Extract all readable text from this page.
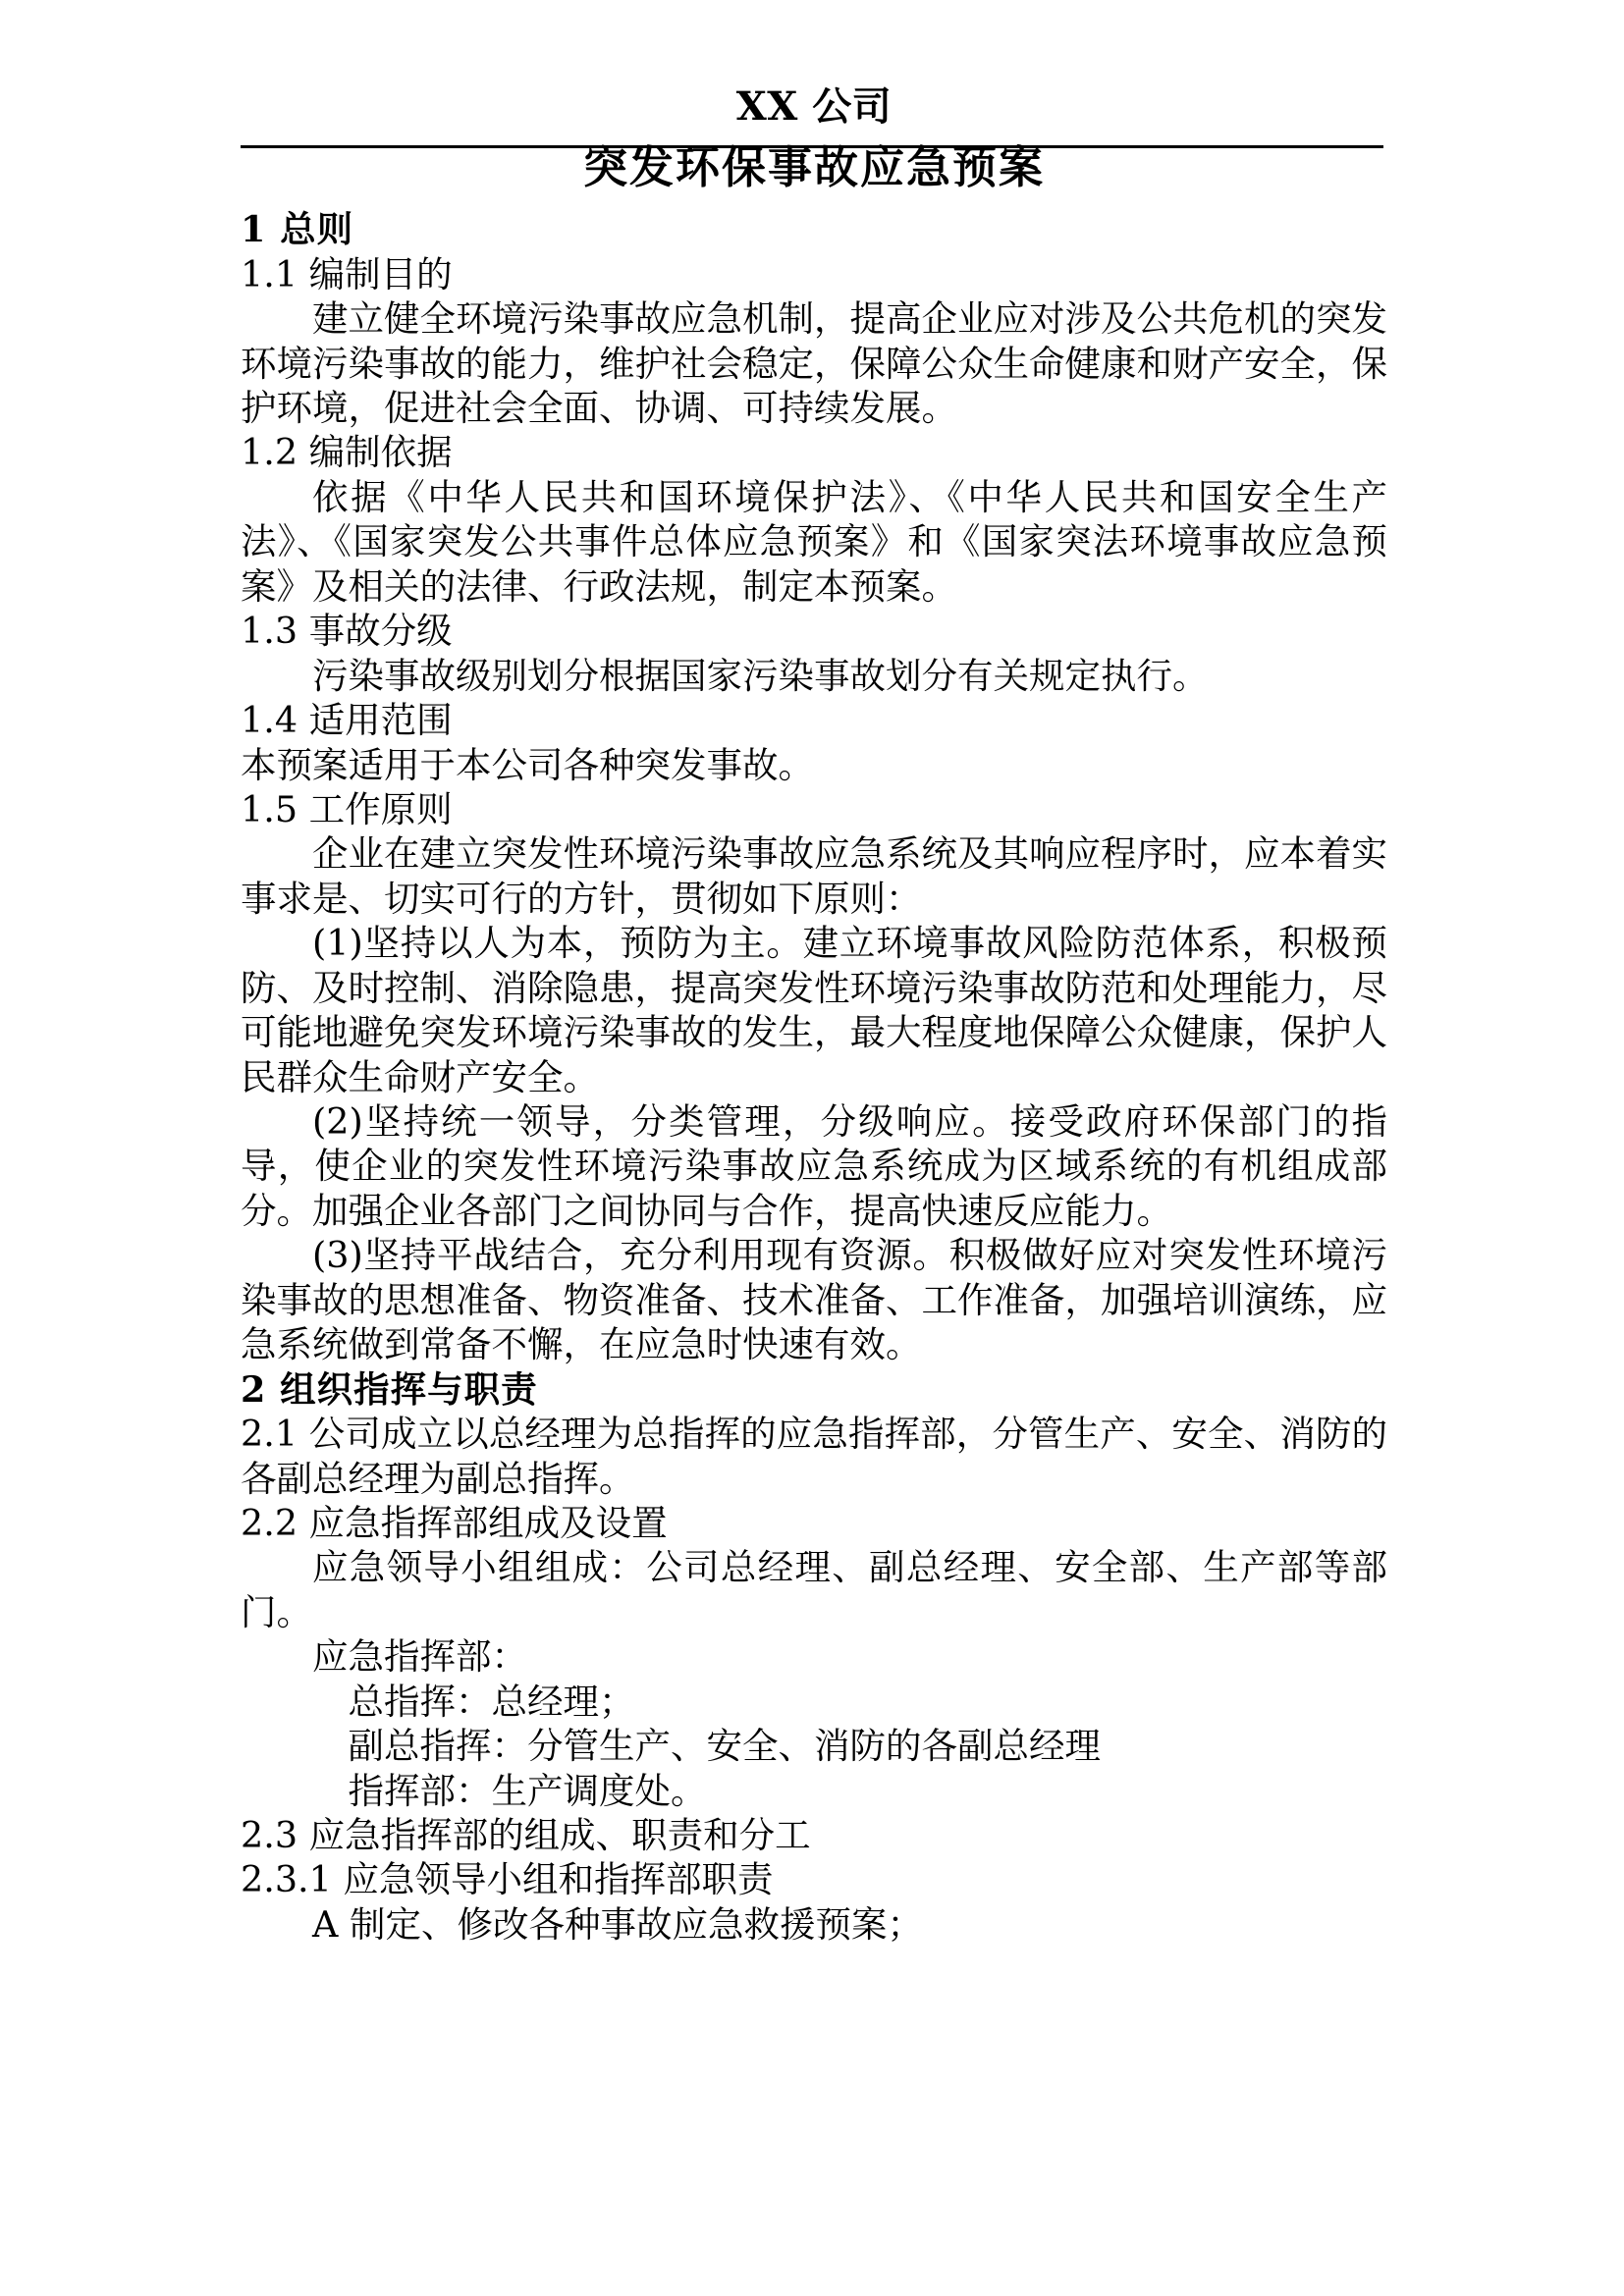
XX 公司
突发环保事故应急预案

1 总则

1.1 编制目的

建立健全环境污染事故应急机制，提高企业应对涉及公共危机的突发环境污染事故的能力，维护社会稳定，保障公众生命健康和财产安全，保护环境，促进社会全面、协调、可持续发展。

1.2 编制依据

依据《中华人民共和国环境保护法》、《中华人民共和国安全生产法》、《国家突发公共事件总体应急预案》和《国家突法环境事故应急预案》及相关的法律、行政法规，制定本预案。

1.3 事故分级

污染事故级别划分根据国家污染事故划分有关规定执行。

1.4 适用范围

本预案适用于本公司各种突发事故。

1.5 工作原则

企业在建立突发性环境污染事故应急系统及其响应程序时，应本着实事求是、切实可行的方针，贯彻如下原则：

(1)坚持以人为本，预防为主。建立环境事故风险防范体系，积极预防、及时控制、消除隐患，提高突发性环境污染事故防范和处理能力，尽可能地避免突发环境污染事故的发生，最大程度地保障公众健康，保护人民群众生命财产安全。

(2)坚持统一领导，分类管理，分级响应。接受政府环保部门的指导，使企业的突发性环境污染事故应急系统成为区域系统的有机组成部分。加强企业各部门之间协同与合作，提高快速反应能力。

(3)坚持平战结合，充分利用现有资源。积极做好应对突发性环境污染事故的思想准备、物资准备、技术准备、工作准备，加强培训演练，应急系统做到常备不懈，在应急时快速有效。

2 组织指挥与职责

2.1 公司成立以总经理为总指挥的应急指挥部，分管生产、安全、消防的各副总经理为副总指挥。

2.2 应急指挥部组成及设置

应急领导小组组成：公司总经理、副总经理、安全部、生产部等部门。

应急指挥部：

总指挥：总经理；

副总指挥：分管生产、安全、消防的各副总经理

指挥部：生产调度处。

2.3 应急指挥部的组成、职责和分工

2.3.1 应急领导小组和指挥部职责

A 制定、修改各种事故应急救援预案；
